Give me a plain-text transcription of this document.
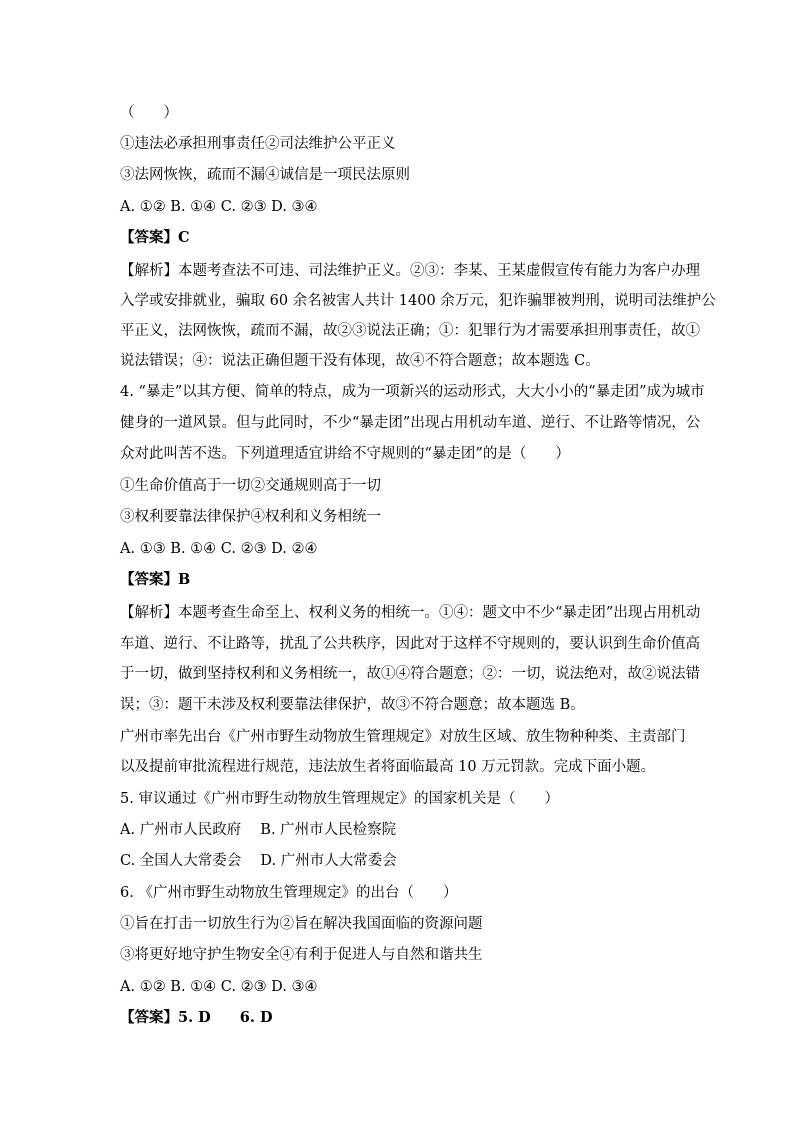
（　　）
①违法必承担刑事责任②司法维护公平正义
③法网恢恢，疏而不漏④诚信是一项民法原则
A. ①② B. ①④ C. ②③ D. ③④
【答案】C
【解析】本题考查法不可违、司法维护正义。②③：李某、王某虚假宣传有能力为客户办理
入学或安排就业，骗取 60 余名被害人共计 1400 余万元，犯诈骗罪被判刑，说明司法维护公
平正义，法网恢恢，疏而不漏，故②③说法正确；①：犯罪行为才需要承担刑事责任，故①
说法错误；④：说法正确但题干没有体现，故④不符合题意；故本题选 C。
4. “暴走”以其方便、简单的特点，成为一项新兴的运动形式，大大小小的“暴走团”成为城市
健身的一道风景。但与此同时，不少“暴走团”出现占用机动车道、逆行、不让路等情况，公
众对此叫苦不迭。下列道理适宜讲给不守规则的“暴走团”的是（　　）
①生命价值高于一切②交通规则高于一切
③权利要靠法律保护④权利和义务相统一
A. ①③ B. ①④ C. ②③ D. ②④
【答案】B
【解析】本题考查生命至上、权利义务的相统一。①④：题文中不少“暴走团”出现占用机动
车道、逆行、不让路等，扰乱了公共秩序，因此对于这样不守规则的，要认识到生命价值高
于一切，做到坚持权利和义务相统一，故①④符合题意；②：一切，说法绝对，故②说法错
误；③：题干未涉及权利要靠法律保护，故③不符合题意；故本题选 B。
广州市率先出台《广州市野生动物放生管理规定》对放生区域、放生物种种类、主责部门
以及提前审批流程进行规范，违法放生者将面临最高 10 万元罚款。完成下面小题。
5. 审议通过《广州市野生动物放生管理规定》的国家机关是（　　）
A. 广州市人民政府　 B. 广州市人民检察院
C. 全国人大常委会　 D. 广州市人大常委会
6. 《广州市野生动物放生管理规定》的出台（　　）
①旨在打击一切放生行为②旨在解决我国面临的资源问题
③将更好地守护生物安全④有利于促进人与自然和谐共生
A. ①② B. ①④ C. ②③ D. ③④
【答案】5. D　　6. D
